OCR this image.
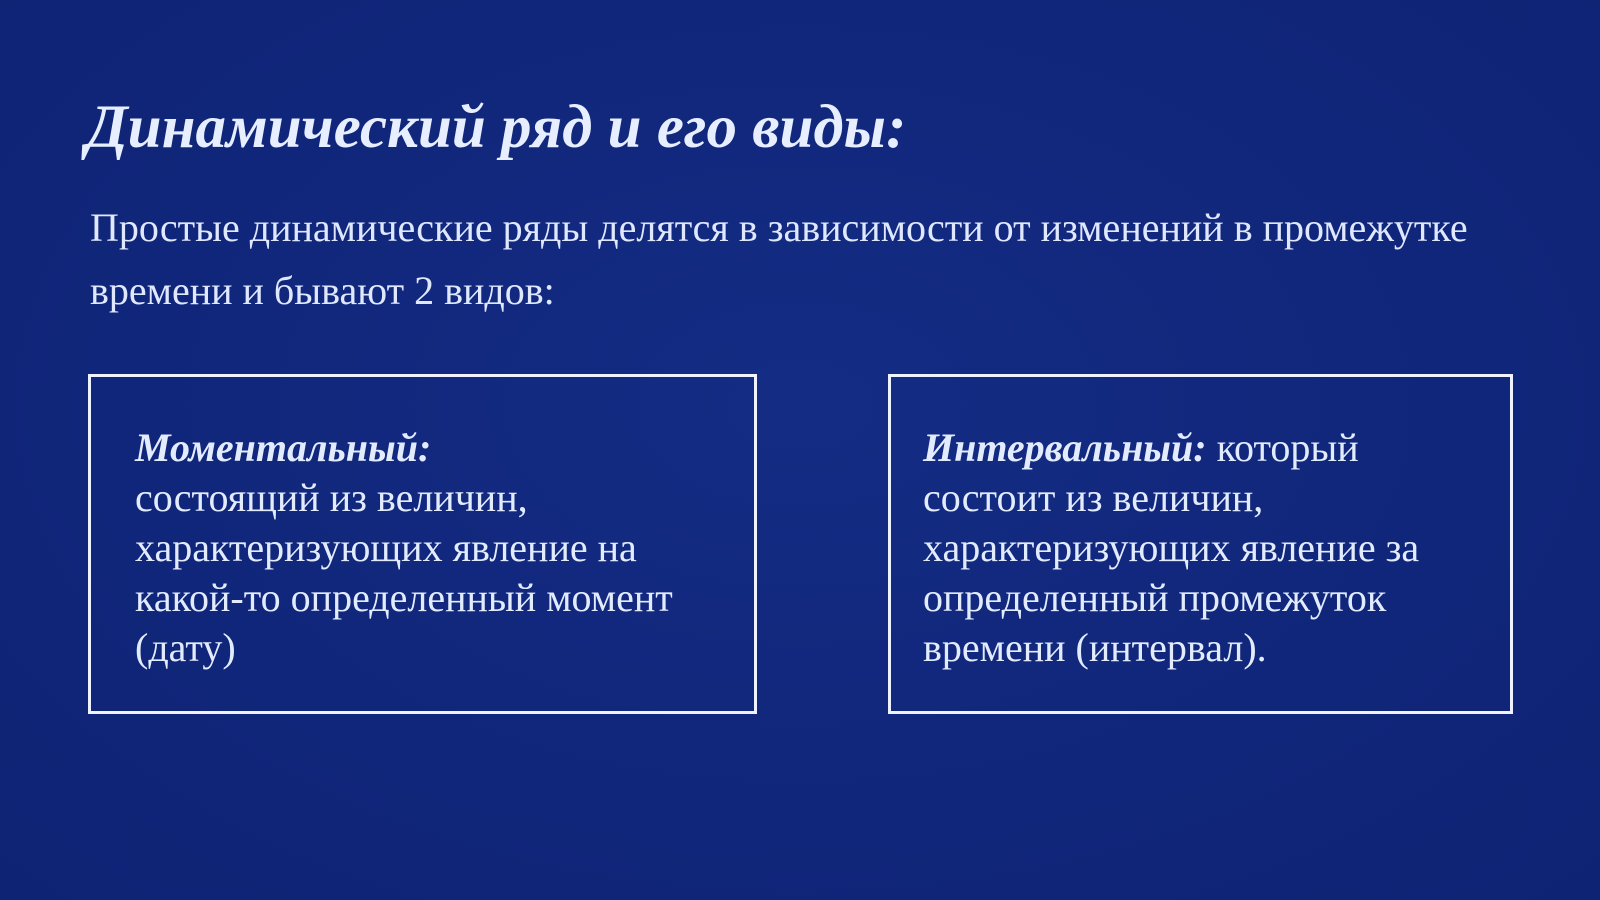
Динамический ряд и его виды:

Простые динамические ряды делятся в зависимости от изменений в промежутке времени и бывают 2 видов:

Моментальный:
состоящий из величин, характеризующих явление на какой-то определенный момент (дату)

Интервальный: который состоит из величин, характеризующих явление за определенный промежуток времени (интервал).
